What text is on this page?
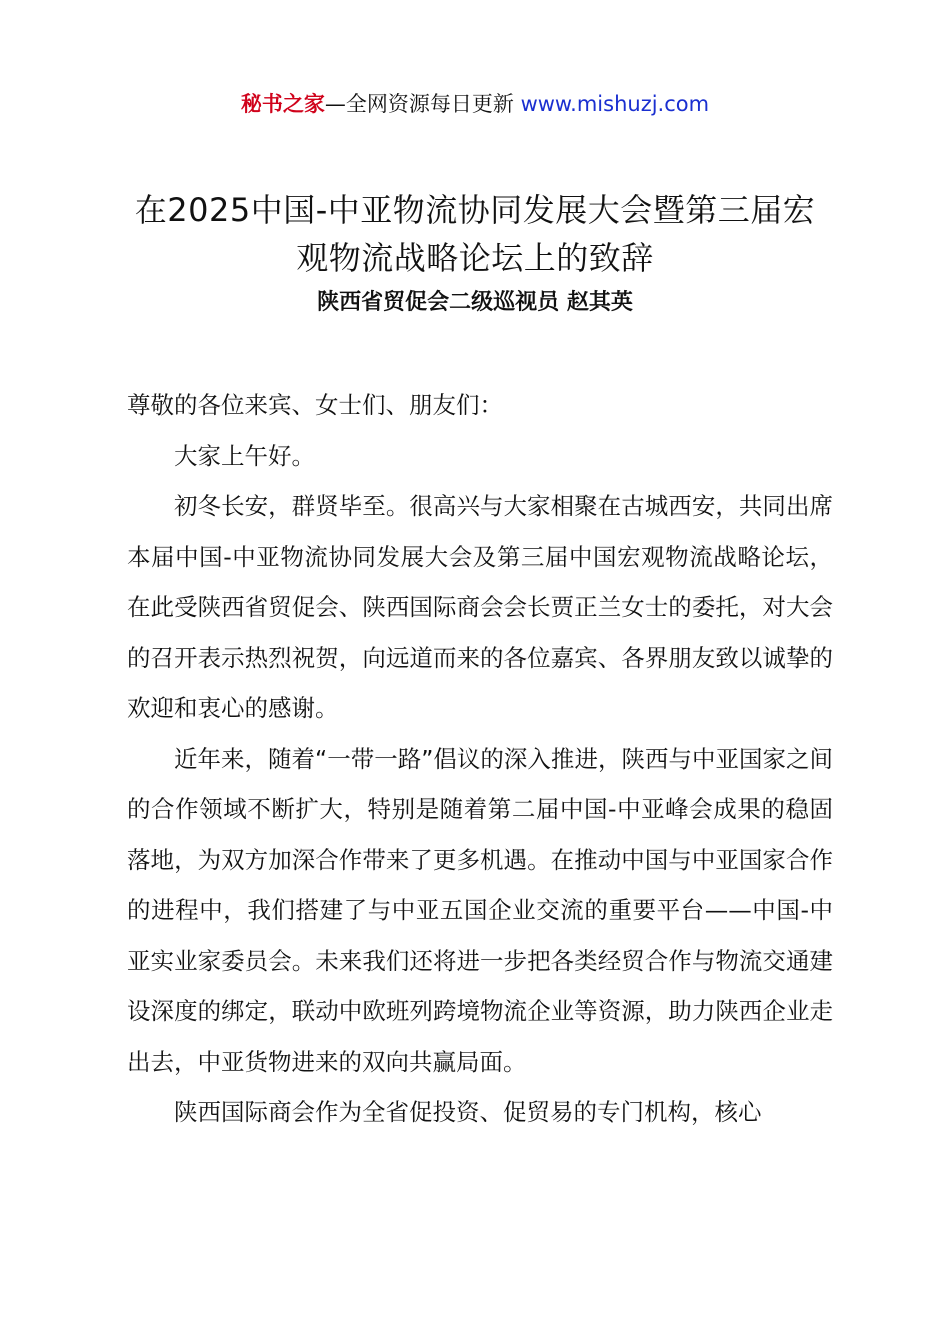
秘书之家—全网资源每日更新 www.mishuzj.com
在2025中国-中亚物流协同发展大会暨第三届宏观物流战略论坛上的致辞
陕西省贸促会二级巡视员 赵其英

尊敬的各位来宾、女士们、朋友们：

大家上午好。

初冬长安，群贤毕至。很高兴与大家相聚在古城西安，共同出席本届中国-中亚物流协同发展大会及第三届中国宏观物流战略论坛，在此受陕西省贸促会、陕西国际商会会长贾正兰女士的委托，对大会的召开表示热烈祝贺，向远道而来的各位嘉宾、各界朋友致以诚挚的欢迎和衷心的感谢。

近年来，随着“一带一路”倡议的深入推进，陕西与中亚国家之间的合作领域不断扩大，特别是随着第二届中国-中亚峰会成果的稳固落地，为双方加深合作带来了更多机遇。在推动中国与中亚国家合作的进程中，我们搭建了与中亚五国企业交流的重要平台——中国-中亚实业家委员会。未来我们还将进一步把各类经贸合作与物流交通建设深度的绑定，联动中欧班列跨境物流企业等资源，助力陕西企业走出去，中亚货物进来的双向共赢局面。

陕西国际商会作为全省促投资、促贸易的专门机构，核心
